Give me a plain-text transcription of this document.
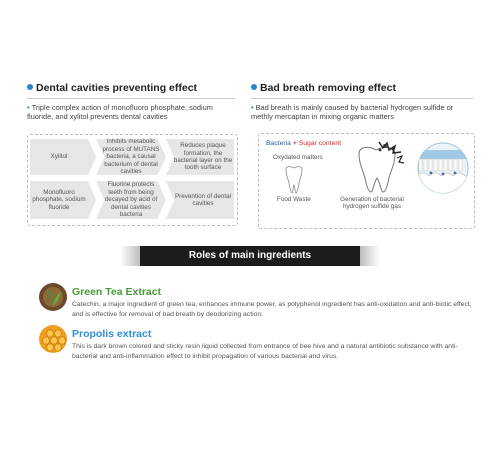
Dental cavities preventing effect
• Triple complex action of monofluoro phosphate, sodium fluoride, and xylitol prevents dental cavities
Xylitol
Inhibits metabolic process of MUTANS bacteria, a causal bacterium of dental cavities
Reduces plaque formation, the bacterial layer on the tooth surface
Monofluoro phosphate, sodium fluoride
Fluorine protects teeth from being decayed by acid of dental cavities bacteria
Prevention of dental cavities
Bad breath removing effect
• Bad breath is mainly caused by bacterial hydrogen sulfide or methly mercaptan in mixing organic matters
Bacteria + Sugar content
Oxydated matters
Food Waste	Generation of bacterial hydrogen sulfide gas
Roles of main ingredients
Green Tea Extract
Catechin, a major ingredient of green tea, enhances immune power, as polyphenol ingredient has anti-oxidation and anti-biotic effect, and is effective for removal of bad breath by deodorizing action.
Propolis extract
This is dark brown colored and sticky resin liquid collected from entrance of bee hive and a natural antibiotic substance with anti-bacterial and anti-inflammation effect to inhibit propagation of various bacterial and virus.
